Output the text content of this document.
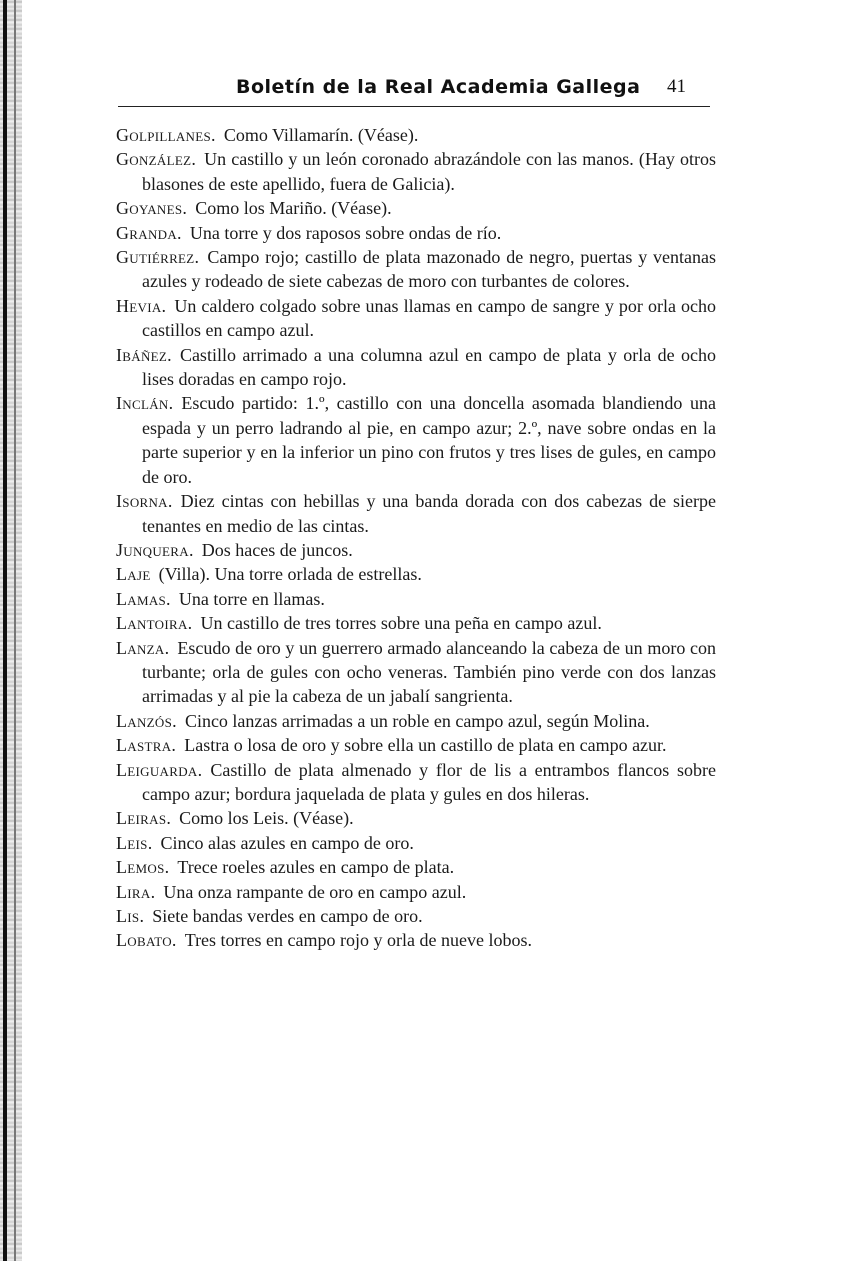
Boletín de la Real Academia Gallega 41

Golpillanes. Como Villamarín. (Véase).

González. Un castillo y un león coronado abrazándole con las manos. (Hay otros blasones de este apellido, fuera de Galicia).

Goyanes. Como los Mariño. (Véase).

Granda. Una torre y dos raposos sobre ondas de río.

Gutiérrez. Campo rojo; castillo de plata mazonado de negro, puertas y ventanas azules y rodeado de siete cabezas de moro con turbantes de colores.

Hevia. Un caldero colgado sobre unas llamas en campo de sangre y por orla ocho castillos en campo azul.

Ibáñez. Castillo arrimado a una columna azul en campo de plata y orla de ocho lises doradas en campo rojo.

Inclán. Escudo partido: 1.º, castillo con una doncella asomada blandiendo una espada y un perro ladrando al pie, en campo azur; 2.º, nave sobre ondas en la parte superior y en la inferior un pino con frutos y tres lises de gules, en campo de oro.

Isorna. Diez cintas con hebillas y una banda dorada con dos cabezas de sierpe tenantes en medio de las cintas.

Junquera. Dos haces de juncos.

Laje (Villa). Una torre orlada de estrellas.

Lamas. Una torre en llamas.

Lantoira. Un castillo de tres torres sobre una peña en campo azul.

Lanza. Escudo de oro y un guerrero armado alanceando la cabeza de un moro con turbante; orla de gules con ocho veneras. También pino verde con dos lanzas arrimadas y al pie la cabeza de un jabalí sangrienta.

Lanzós. Cinco lanzas arrimadas a un roble en campo azul, según Molina.

Lastra. Lastra o losa de oro y sobre ella un castillo de plata en campo azur.

Leiguarda. Castillo de plata almenado y flor de lis a entrambos flancos sobre campo azur; bordura jaquelada de plata y gules en dos hileras.

Leiras. Como los Leis. (Véase).

Leis. Cinco alas azules en campo de oro.

Lemos. Trece roeles azules en campo de plata.

Lira. Una onza rampante de oro en campo azul.

Lis. Siete bandas verdes en campo de oro.

Lobato. Tres torres en campo rojo y orla de nueve lobos.
